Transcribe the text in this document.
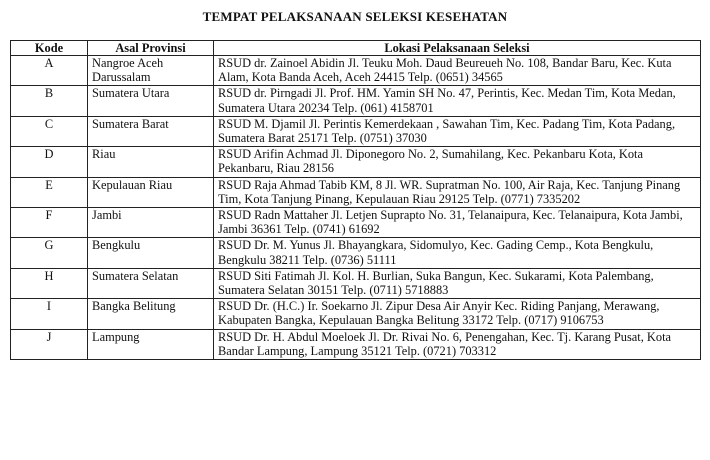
TEMPAT PELAKSANAAN SELEKSI KESEHATAN
Kode	Asal Provinsi	Lokasi Pelaksanaan Seleksi
A	Nangroe Aceh Darussalam	RSUD dr. Zainoel Abidin Jl. Teuku Moh. Daud Beureueh No. 108, Bandar Baru, Kec. Kuta Alam, Kota Banda Aceh, Aceh 24415 Telp. (0651) 34565
B	Sumatera Utara	RSUD dr. Pirngadi Jl. Prof. HM. Yamin SH No. 47, Perintis, Kec. Medan Tim, Kota Medan, Sumatera Utara 20234 Telp. (061) 4158701
C	Sumatera Barat	RSUD M. Djamil Jl. Perintis Kemerdekaan , Sawahan Tim, Kec. Padang Tim, Kota Padang, Sumatera Barat 25171 Telp. (0751) 37030
D	Riau	RSUD Arifin Achmad Jl. Diponegoro No. 2, Sumahilang, Kec. Pekanbaru Kota, Kota Pekanbaru, Riau 28156
E	Kepulauan Riau	RSUD Raja Ahmad Tabib KM, 8 Jl. WR. Supratman No. 100, Air Raja, Kec. Tanjung Pinang Tim, Kota Tanjung Pinang, Kepulauan Riau 29125 Telp. (0771) 7335202
F	Jambi	RSUD Radn Mattaher Jl. Letjen Suprapto No. 31, Telanaipura, Kec. Telanaipura, Kota Jambi, Jambi 36361 Telp. (0741) 61692
G	Bengkulu	RSUD Dr. M. Yunus Jl. Bhayangkara, Sidomulyo, Kec. Gading Cemp., Kota Bengkulu, Bengkulu 38211 Telp. (0736) 51111
H	Sumatera Selatan	RSUD Siti Fatimah Jl. Kol. H. Burlian, Suka Bangun, Kec. Sukarami, Kota Palembang, Sumatera Selatan 30151 Telp. (0711) 5718883
I	Bangka Belitung	RSUD Dr. (H.C.) Ir. Soekarno Jl. Zipur Desa Air Anyir Kec. Riding Panjang, Merawang, Kabupaten Bangka, Kepulauan Bangka Belitung 33172 Telp. (0717) 9106753
J	Lampung	RSUD Dr. H. Abdul Moeloek Jl. Dr. Rivai No. 6, Penengahan, Kec. Tj. Karang Pusat, Kota Bandar Lampung, Lampung 35121 Telp. (0721) 703312
